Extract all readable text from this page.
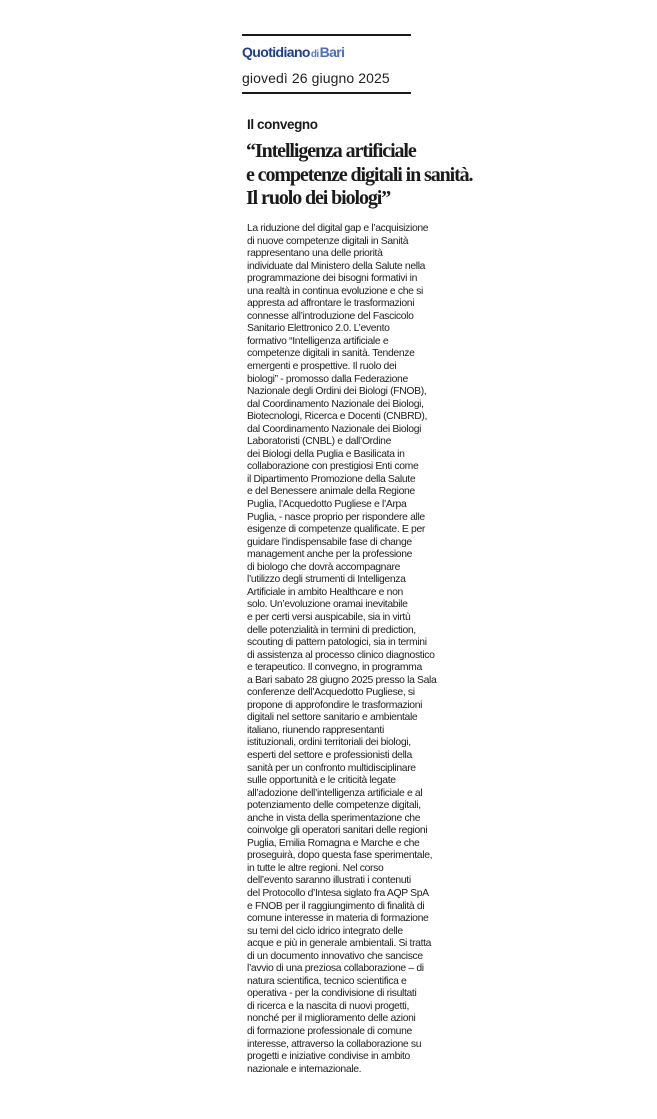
QuotidianodiBari
giovedì 26 giugno 2025
Il convegno
“Intelligenza artificiale
e competenze digitali in sanità.
Il ruolo dei biologi”
La riduzione del digital gap e l’acquisizione
di nuove competenze digitali in Sanità
rappresentano una delle priorità
individuate dal Ministero della Salute nella
programmazione dei bisogni formativi in
una realtà in continua evoluzione e che si
appresta ad affrontare le trasformazioni
connesse all’introduzione del Fascicolo
Sanitario Elettronico 2.0. L’evento
formativo “Intelligenza artificiale e
competenze digitali in sanità. Tendenze
emergenti e prospettive. Il ruolo dei
biologi” - promosso dalla Federazione
Nazionale degli Ordini dei Biologi (FNOB),
dal Coordinamento Nazionale dei Biologi,
Biotecnologi, Ricerca e Docenti (CNBRD),
dal Coordinamento Nazionale dei Biologi
Laboratoristi (CNBL) e dall’Ordine
dei Biologi della Puglia e Basilicata in
collaborazione con prestigiosi Enti come
il Dipartimento Promozione della Salute
e del Benessere animale della Regione
Puglia, l’Acquedotto Pugliese e l’Arpa
Puglia, - nasce proprio per rispondere alle
esigenze di competenze qualificate. E per
guidare l’indispensabile fase di change
management anche per la professione
di biologo che dovrà accompagnare
l’utilizzo degli strumenti di Intelligenza
Artificiale in ambito Healthcare e non
solo. Un’evoluzione oramai inevitabile
e per certi versi auspicabile, sia in virtù
delle potenzialità in termini di prediction,
scouting di pattern patologici, sia in termini
di assistenza al processo clinico diagnostico
e terapeutico. Il convegno, in programma
a Bari sabato 28 giugno 2025 presso la Sala
conferenze dell’Acquedotto Pugliese, si
propone di approfondire le trasformazioni
digitali nel settore sanitario e ambientale
italiano, riunendo rappresentanti
istituzionali, ordini territoriali dei biologi,
esperti del settore e professionisti della
sanità per un confronto multidisciplinare
sulle opportunità e le criticità legate
all’adozione dell’intelligenza artificiale e al
potenziamento delle competenze digitali,
anche in vista della sperimentazione che
coinvolge gli operatori sanitari delle regioni
Puglia, Emilia Romagna e Marche e che
proseguirà, dopo questa fase sperimentale,
in tutte le altre regioni. Nel corso
dell’evento saranno illustrati i contenuti
del Protocollo d’Intesa siglato fra AQP SpA
e FNOB per il raggiungimento di finalità di
comune interesse in materia di formazione
su temi del ciclo idrico integrato delle
acque e più in generale ambientali. Si tratta
di un documento innovativo che sancisce
l’avvio di una preziosa collaborazione – di
natura scientifica, tecnico scientifica e
operativa - per la condivisione di risultati
di ricerca e la nascita di nuovi progetti,
nonché per il miglioramento delle azioni
di formazione professionale di comune
interesse, attraverso la collaborazione su
progetti e iniziative condivise in ambito
nazionale e internazionale.
